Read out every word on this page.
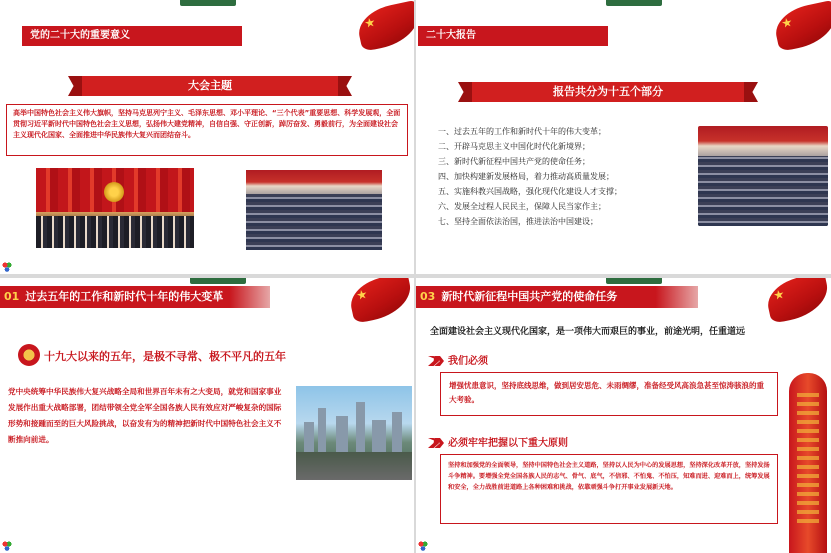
党的二十大的重要意义
大会主题
高举中国特色社会主义伟大旗帜，坚持马克思列宁主义、毛泽东思想、邓小平理论、“三个代表”重要思想、科学发展观，全面贯彻习近平新时代中国特色社会主义思想，弘扬伟大建党精神，自信自强、守正创新，踔厉奋发、勇毅前行，为全面建设社会主义现代化国家、全面推进中华民族伟大复兴而团结奋斗。
二十大报告
报告共分为十五个部分
一、过去五年的工作和新时代十年的伟大变革；
二、开辟马克思主义中国化时代化新境界；
三、新时代新征程中国共产党的使命任务；
四、加快构建新发展格局，着力推动高质量发展；
五、实施科教兴国战略，强化现代化建设人才支撑；
六、发展全过程人民民主，保障人民当家作主；
七、坚持全面依法治国，推进法治中国建设；
01 过去五年的工作和新时代十年的伟大变革
十九大以来的五年，是极不寻常、极不平凡的五年
党中央统筹中华民族伟大复兴战略全局和世界百年未有之大变局，就党和国家事业发展作出重大战略部署，团结带领全党全军全国各族人民有效应对严峻复杂的国际形势和接踵而至的巨大风险挑战，以奋发有为的精神把新时代中国特色社会主义不断推向前进。
03 新时代新征程中国共产党的使命任务
全面建设社会主义现代化国家，是一项伟大而艰巨的事业，前途光明，任重道远
我们必须
增强忧患意识，坚持底线思维，做到居安思危、未雨绸缪，准备经受风高浪急甚至惊涛骇浪的重大考验。
必须牢牢把握以下重大原则
坚持和加强党的全面领导，坚持中国特色社会主义道路，坚持以人民为中心的发展思想，坚持深化改革开放，坚持发扬斗争精神。要增强全党全国各族人民的志气、骨气、底气，不信邪、不怕鬼、不怕压，知难而进、迎难而上，统筹发展和安全，全力战胜前进道路上各种困难和挑战，依靠顽强斗争打开事业发展新天地。
